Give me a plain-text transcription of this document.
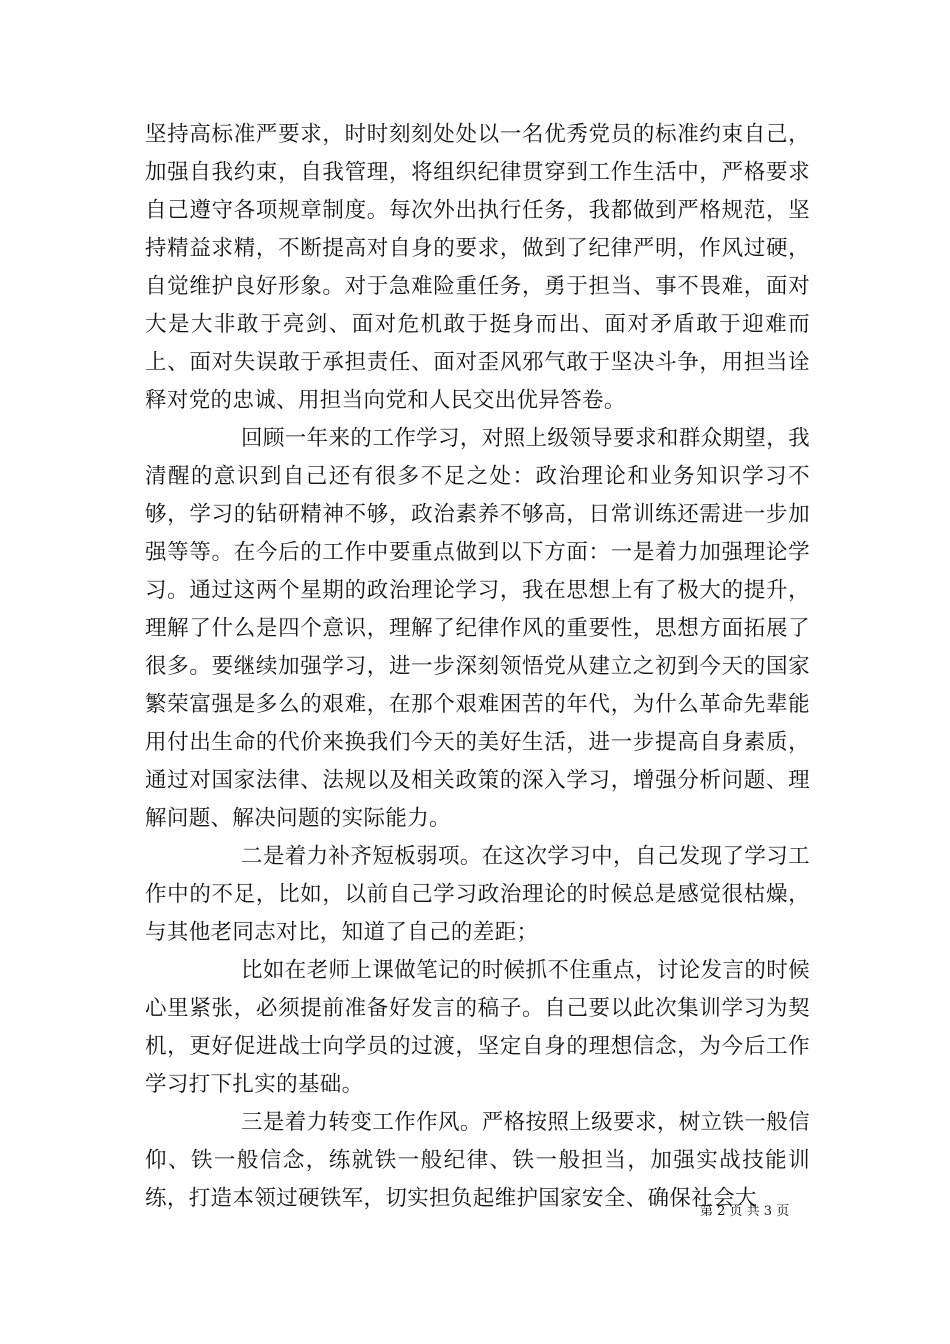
坚持高标准严要求，时时刻刻处处以一名优秀党员的标准约束自己，加强自我约束，自我管理，将组织纪律贯穿到工作生活中，严格要求自己遵守各项规章制度。每次外出执行任务，我都做到严格规范，坚持精益求精，不断提高对自身的要求，做到了纪律严明，作风过硬，自觉维护良好形象。对于急难险重任务，勇于担当、事不畏难，面对大是大非敢于亮剑、面对危机敢于挺身而出、面对矛盾敢于迎难而上、面对失误敢于承担责任、面对歪风邪气敢于坚决斗争，用担当诠释对党的忠诚、用担当向党和人民交出优异答卷。

回顾一年来的工作学习，对照上级领导要求和群众期望，我清醒的意识到自己还有很多不足之处：政治理论和业务知识学习不够，学习的钻研精神不够，政治素养不够高，日常训练还需进一步加强等等。在今后的工作中要重点做到以下方面：一是着力加强理论学习。通过这两个星期的政治理论学习，我在思想上有了极大的提升，理解了什么是四个意识，理解了纪律作风的重要性，思想方面拓展了很多。要继续加强学习，进一步深刻领悟党从建立之初到今天的国家繁荣富强是多么的艰难，在那个艰难困苦的年代，为什么革命先辈能用付出生命的代价来换我们今天的美好生活，进一步提高自身素质，通过对国家法律、法规以及相关政策的深入学习，增强分析问题、理解问题、解决问题的实际能力。

二是着力补齐短板弱项。在这次学习中，自己发现了学习工作中的不足，比如，以前自己学习政治理论的时候总是感觉很枯燥，与其他老同志对比，知道了自己的差距；

比如在老师上课做笔记的时候抓不住重点，讨论发言的时候心里紧张，必须提前准备好发言的稿子。自己要以此次集训学习为契机，更好促进战士向学员的过渡，坚定自身的理想信念，为今后工作学习打下扎实的基础。

三是着力转变工作作风。严格按照上级要求，树立铁一般信仰、铁一般信念，练就铁一般纪律、铁一般担当，加强实战技能训练，打造本领过硬铁军，切实担负起维护国家安全、确保社会大

第 2 页 共 3 页
